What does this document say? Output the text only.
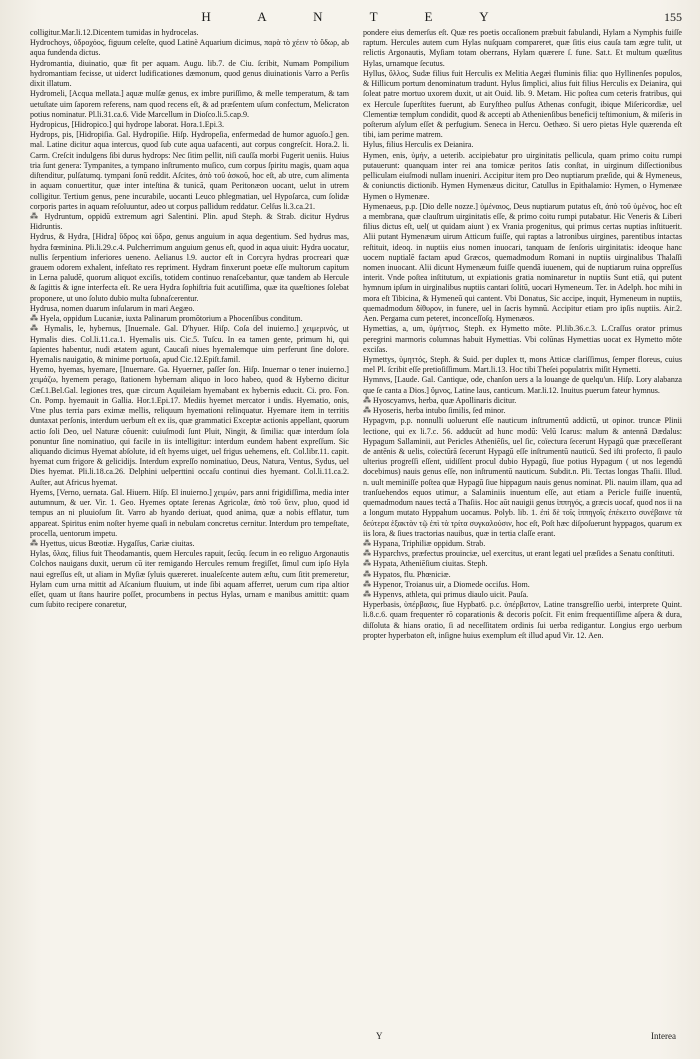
H A N T E Y	155

colligitur.Mar.li.12.Dicentem tumidas in hydrocelas.

Hydrochoys, ὑδροχόος, figuum celeſte, quod Latinè Aquarium dicimus, παρὰ τὸ χέειν τὸ ὕδωρ, ab aqua fundenda dictus.

Hydromantia, diuinatio, quæ fit per aquam. Augu. lib.7. de Ciu. ſcribit, Numam Pompilium hydromantiam fecisse, ut uiderct ludificationes dæmonum, quod genus diuinationis Varro a Perſis dixit illatum.

Hydromeli, [Acqua mellata.] aquæ mulſæ genus, ex imbre puriſſimo, & melle temperatum, & tam uetuſtate uim ſaporem referens, nam quod recens eſt, & ad præſentem uſum confectum, Melicraton potius nominatur. Pl.li.31.ca.6. Vide Marcellum in Dioſco.li.5.cap.9.

Hydropicus, [Hidropico.] qui hydrope laborat. Hora.1.Epi.3.

Hydrops, pis, [Hidropiſia. Gal. Hydropiſie. Hiſp. Hydropeſia, enfermedad de humor aguoſo.] gen. mal. Latine dicitur aqua intercus, quod ſub cute aqua uafacenti, aut corpus congreſcit. Hora.2. li. Carm. Creſcit indulgens ſibi durus hydrops: Nec ſitim pellit, niſi cauſſa morbi Fugerit ueniis. Huius tria ſunt genera: Tympanites, a tympano inſtrumento muſico, cum corpus ſpiritu magis, quam aqua diſtenditur, pulſatumq. tympani ſonū reddit. Aſcites, ἀπὸ τοῦ ἀσκοῦ, hoc eſt, ab utre, cum alimenta in aquam conuertitur, quæ inter inteſtina & tunicā, quam Peritonæon uocant, uelut in utrem colligitur. Tertium genus, pene incurabile, uocanti Leuco phlegmatian, uel Hypoſarca, cum ſolidæ corporis partes in aquam reſoluuntur, adeo ut corpus pallidum reddatur. Celſus li.3.ca.21.

⁂ Hydruntum, oppidū extremum agri Salentini. Plin. apud Steph. & Strab. dicitur Hydrus Hidruntis.

Hydrus, & Hydra, [Hidra] ὕδρος καὶ ὕδρα, genus anguium in aqua degentium. Sed hydrus mas, hydra fœminina. Pli.li.29.c.4. Pulcherrimum anguium genus eſt, quod in aqua uiuit: Hydra uocatur, nullis ſerpentium inferiores ueneno. Aelianus l.9. auctor eſt in Corcyra hydras procreari quæ grauem odorem exhalent, infeſtato res repriment. Hydram finxerunt poetæ eſſe multorum capitum in Lerna paludē, quorum aliquot exciſis, totidem continuo renaſcebantur, quæ tandem ab Hercule & ſagittis & igne interfecta eſt. Re uera Hydra ſophiſtria fuit acutiſſima, quæ ita quæſtiones ſolebat proponere, ut uno ſoluto dubio multa ſubnaſcerentur.

Hydrusa, nomen duarum inſularum in mari Aegæo.

⁂ Hyela, oppidum Lucaniæ, iuxta Palinarum promōtorium a Phocenſibus conditum.

⁂ Hymalis, le, hybernus, [Inuernale. Gal. D'hyuer. Hiſp. Coſa del inuierno.] χειμερινός, ut Hymalis dies. Col.li.11.ca.1. Hyemalis uis. Cic.5. Tuſcu. In ea tamen gente, primum hi, qui ſapientes habentur, nudi ætatem agunt, Caucaſi niues hyemalemque uim perferunt ſine dolore. Hyemalis nauigatio, & minime portuoſa, apud Cic.12.Epiſt.famil.

Hyemo, hyemas, hyemare, [Inuernare. Ga. Hyuerner, paſſer ſon. Hiſp. Inuernar o tener inuierno.] χειμάζω, hyemem perago, ſtationem hybernam aliquo in loco habeo, quod & Hyberno dicitur Cæſ.1.Bel.Gal. legiones tres, quæ circum Aquileiam hyemabant ex hybernis educit. Ci. pro. Fon. Cn. Pomp. hyemauit in Gallia. Hor.1.Epi.17. Mediis hyemet mercator i undis. Hyematio, onis, Vtne plus terria pars eximæ mellis, reliquum hyemationi relinquatur. Hyemare item in territis duntaxat perſonis, interdum uerbum eſt ex iis, quæ grammatici Exceptæ actionis appellant, quorum actio ſoli Deo, uel Naturæ cōuenit: cuiuſmodi ſunt Pluit, Ningit, & ſimilia: quæ interdum ſola ponuntur ſine nominatiuo, qui facile in iis intelligitur: interdum eundem habent expreſſum. Sic aliquando dicimus Hyemat abſolute, id eſt hyems uiget, uel frigus uehemens, eſt. Col.libr.11. capit. hyemat cum frigore & gelicidijs. Interdum expreſſo nominatiuo, Deus, Natura, Ventus, Sydus, uel Dies hyemat. Pli.li.18.ca.26. Delphini uelperttini occaſu continui dies hyemant. Col.li.11.ca.2. Auſter, aut Africus hyemat.

Hyems, [Verno, uernata. Gal. Hiuern. Hiſp. El inuierno.] χειμών, pars anni frigidiſſima, media inter autumnum, & uer. Vir. 1. Geo. Hyemes optate ſerenas Agricolæ, ἀπὸ τοῦ ὕειν, pluo, quod id tempus an ni pluuioſum ſit. Varro ab hyando deriuat, quod anima, quæ a nobis efflatur, tum appareat. Spiritus enim noſter hyeme quaſi in nebulam concretus cernitur. Interdum pro tempeſtate, procella, uentorum impetu.

⁂ Hyettus, uicus Bœotiæ. Hygaſſus, Cariæ ciuitas.

Hylas, ὕλας, filius fuit Theodamantis, quem Hercules rapuit, ſecūq. ſecum in eo religuo Argonautis Colchos nauigans duxit, uerum cū iter remigando Hercules remum fregiſſet, ſimul cum ipſo Hyla naui egreſſus eſt, ut aliam in Myſiæ ſyluis quæreret. inualeſcente autem æſtu, cum ſitit premeretur, Hylam cum urna mittit ad Aſcanium fluuium, ut inde ſibi aquam afferret, uerum cum ripa altior eſſet, quam ut ſtans haurire poſſet, procumbens in pectus Hylas, urnam e manibus amittit: quam cum ſubito recipere conaretur,

pondere eius demerſus eſt. Quæ res poetis occaſionem præbuit fabulandi, Hylam a Nymphis fuiſſe raptum. Hercules autem cum Hylas nuſquam compareret, quæ ſitis eius cauſa tam ægre tulit, ut relictis Argonautis, Myſiam totam oberrans, Hylam quærere ſ. fune. Sat.t. Et multum quæſitus Hylas, urnamque ſecutus.

Hyllus, ὕλλος, Sudæ filius fuit Herculis ex Melitia Aegæi fluminis filia: quo Hyllinenſes populos, & Hillicum portum denominatum tradunt. Hylus ſimplici, alius fuit filius Herculis ex Deianira, qui ſoleat patre mortuo uxorem duxit, ut ait Ouid. lib. 9. Metam. Hic poſtea cum ceteris fratribus, qui ex Hercule ſuperſtites fuerunt, ab Euryſtheo pulſus Athenas confugit, ibique Miſericordiæ, uel Clementiæ templum condidit, quod & accepti ab Athenienſibus beneficij teſtimonium, & miſeris in poſterum aſylum eſſet & perfugium. Seneca in Hercu. Oethæo. Si uero pietas Hyle quærenda eſt tibi, iam perime matrem.

Hylus, filius Herculis ex Deianira.

Hymen, enis, ὑμήν, a ueterib. accipiebatur pro uirginitatis pellicula, quam primo coitu rumpi putauerunt: quanquam inter rei ana tomicæ peritos ſatis conſtat, in uirginum diſſectionibus pelliculam eiuſmodi nullam inueniri. Accipitur item pro Deo nuptiarum præſide, qui & Hymeneus, & coniunctis dictionib. Hymen Hymenæus dicitur, Catullus in Epithalamio: Hymen, o Hymenæe Hymen o Hymenæe.

Hymenaeus, p.p. [Dio delle nozze.] ὑμέναιος, Deus nuptiarum putatus eſt, ἀπὸ τοῦ ὑμένος, hoc eſt a membrana, quæ clauſtrum uirginitatis eſſe, & primo coitu rumpi putabatur. Hic Veneris & Liberi filius dictus eſt, uel( ut quidam aiunt ) ex Vrania progenitus, qui primus certas nuptias inſtituerit. Alii putant Hymenæum uirum Atticum fuiſſe, qui raptas a latronibus uirgines, parentibus intactas reſtituit, ideoq. in nuptiis eius nomen inuocari, tanquam de ſenſoris uirginitatis: ideoque hanc uocem nuptialē factam apud Græcos, quemadmodum Romani in nuptiis uirginalibus Thalaſſi nomen inuocant. Alii dicunt Hymenæum fuiſſe quendā iuuenem, qui de nuptiarum ruina oppreſſus interit. Vnde poſtea inſtitutum, ut expiationis gratia nominaretur in nuptiis Sunt etiā, qui putent hymnum ipſum in uirginalibus nuptiis cantari ſolitū, uocari Hymeneum. Ter. in Adelph. hoc mihi in mora eſt Tibicina, & Hymeneū qui cantent. Vbi Donatus, Sic accipe, inquit, Hymeneum in nuptiis, quemadmodum δίθυρον, in funere, uel in ſacris hymnū. Accipitur etiam pro ipſis nuptiis. Air.2. Aen. Pergama cum peteret, inconceſſoſq. Hymenæos.

Hymettias, a, um, ὑμήττιος, Steph. ex Hymetto mōte. Pl.lib.36.c.3. L.Craſſus orator primus peregrini marmoris columnas habuit Hymettias. Vbi colūnas Hymettias uocat ex Hymetto mōte exciſas.

Hymettys, ὑμηττός, Steph. & Suid. per duplex tt, mons Atticæ clariſſimus, ſemper floreus, cuius mel Pl. ſcribit eſſe pretioſiſſimum. Mart.li.13. Hoc tibi Theſei populatrix miſit Hymetti.

Hymnvs, [Laude. Gal. Cantique, ode, chanſon uers a la louange de quelqu'un. Hiſp. Lory alabanza que ſe canta a Dios.] ὕμνος, Latine laus, canticum. Mar.li.12. Inuitus puerum fateur hymnus.

⁂ Hyoscyamvs, herba, quæ Apollinaris dicitur.

⁂ Hyoseris, herba intubo ſimilis, ſed minor.

Hypagvm, p.p. nonnulli uoluerunt eſſe nauticum inſtrumentū addictū, ut opinor. truncæ Plinii lectione, qui ex li.7.c. 56. adducūt ad hunc modū: Velū Icarus: malum & antennā Dædalus: Hypagum Sallaminii, aut Pericles Atheniēſis, uel ſic, coïectura ſecerunt Hypagū quæ præceſſerant de antēnis & uelis, coïectūrā ſecerunt Hypagū eſſe inſtrumentū nauticū. Sed iſti profecto, ſi paulo ulterius progreſſi eſſent, uidiſſent procul dubio Hypagū, ſiue potius Hypagum ( ut nos legendū docebimus) nauis genus eſſe, non inſtrumentū nauticum. Subdit.n. Pli. Tectas longas Thaſii. Illud. n. uult meminiſſe poſtea quæ Hypagū ſiue hippagum nauis genus nominat. Pli. nauim illam, qua ad tranſuehendos equos utimur, a Salaminiis inuentum eſſe, aut etiam a Pericle fuiſſe inuentū, quemadmodum naues tectā a Thaſiis. Hoc aūt nauigii genus ἱππηγός, a græcis uocaf, quod nos ii na a longum mutato Hyppahum uocamus. Polyb. lib. 1. ἐπὶ δὲ τοῖς ἱππηγοῖς ἐπέκειτο συνέβαινε τὰ δεύτερα ἑξακτὰν τῷ ἐπὶ τὰ τρίτα συγκαλούσιν, hoc eſt, Poſt hæc diſpoſuerunt hyppagos, quarum ex iis lora, & ſiues tractorias nauibus, quæ in tertia claſſe erant.

⁂ Hypana, Triphiliæ oppidum. Strab.

⁂ Hyparchvs, præfectus prouinciæ, uel exercitus, ut erant legati uel præſides a Senatu conſtituti.

⁂ Hypata, Atheniēſium ciuitas. Steph.

⁂ Hypatos, flu. Phœniciæ.

⁂ Hypenor, Troianus uir, a Diomede occiſus. Hom.

⁂ Hypenvs, athleta, qui primus diaulo uicit. Pauſa.

Hyperbasis, ὑπέρβασις, ſiue Hypbat6. p.c. ὑπέρβατον, Latine transgreſſio uerbi, interprete Quint. li.8.c.6. quam frequenter rō coparationis & decoris poſcit. Fit enim frequentiſſime aſpera & dura, diſſoluta & hians oratio, ſi ad neceſſitatem ordinis ſui uerba redigantur. Longius ergo uerbum propter hyperbaton eſt, inſigne huius exemplum eſt illud apud Vir. 12. Aen.

Y	Interea
